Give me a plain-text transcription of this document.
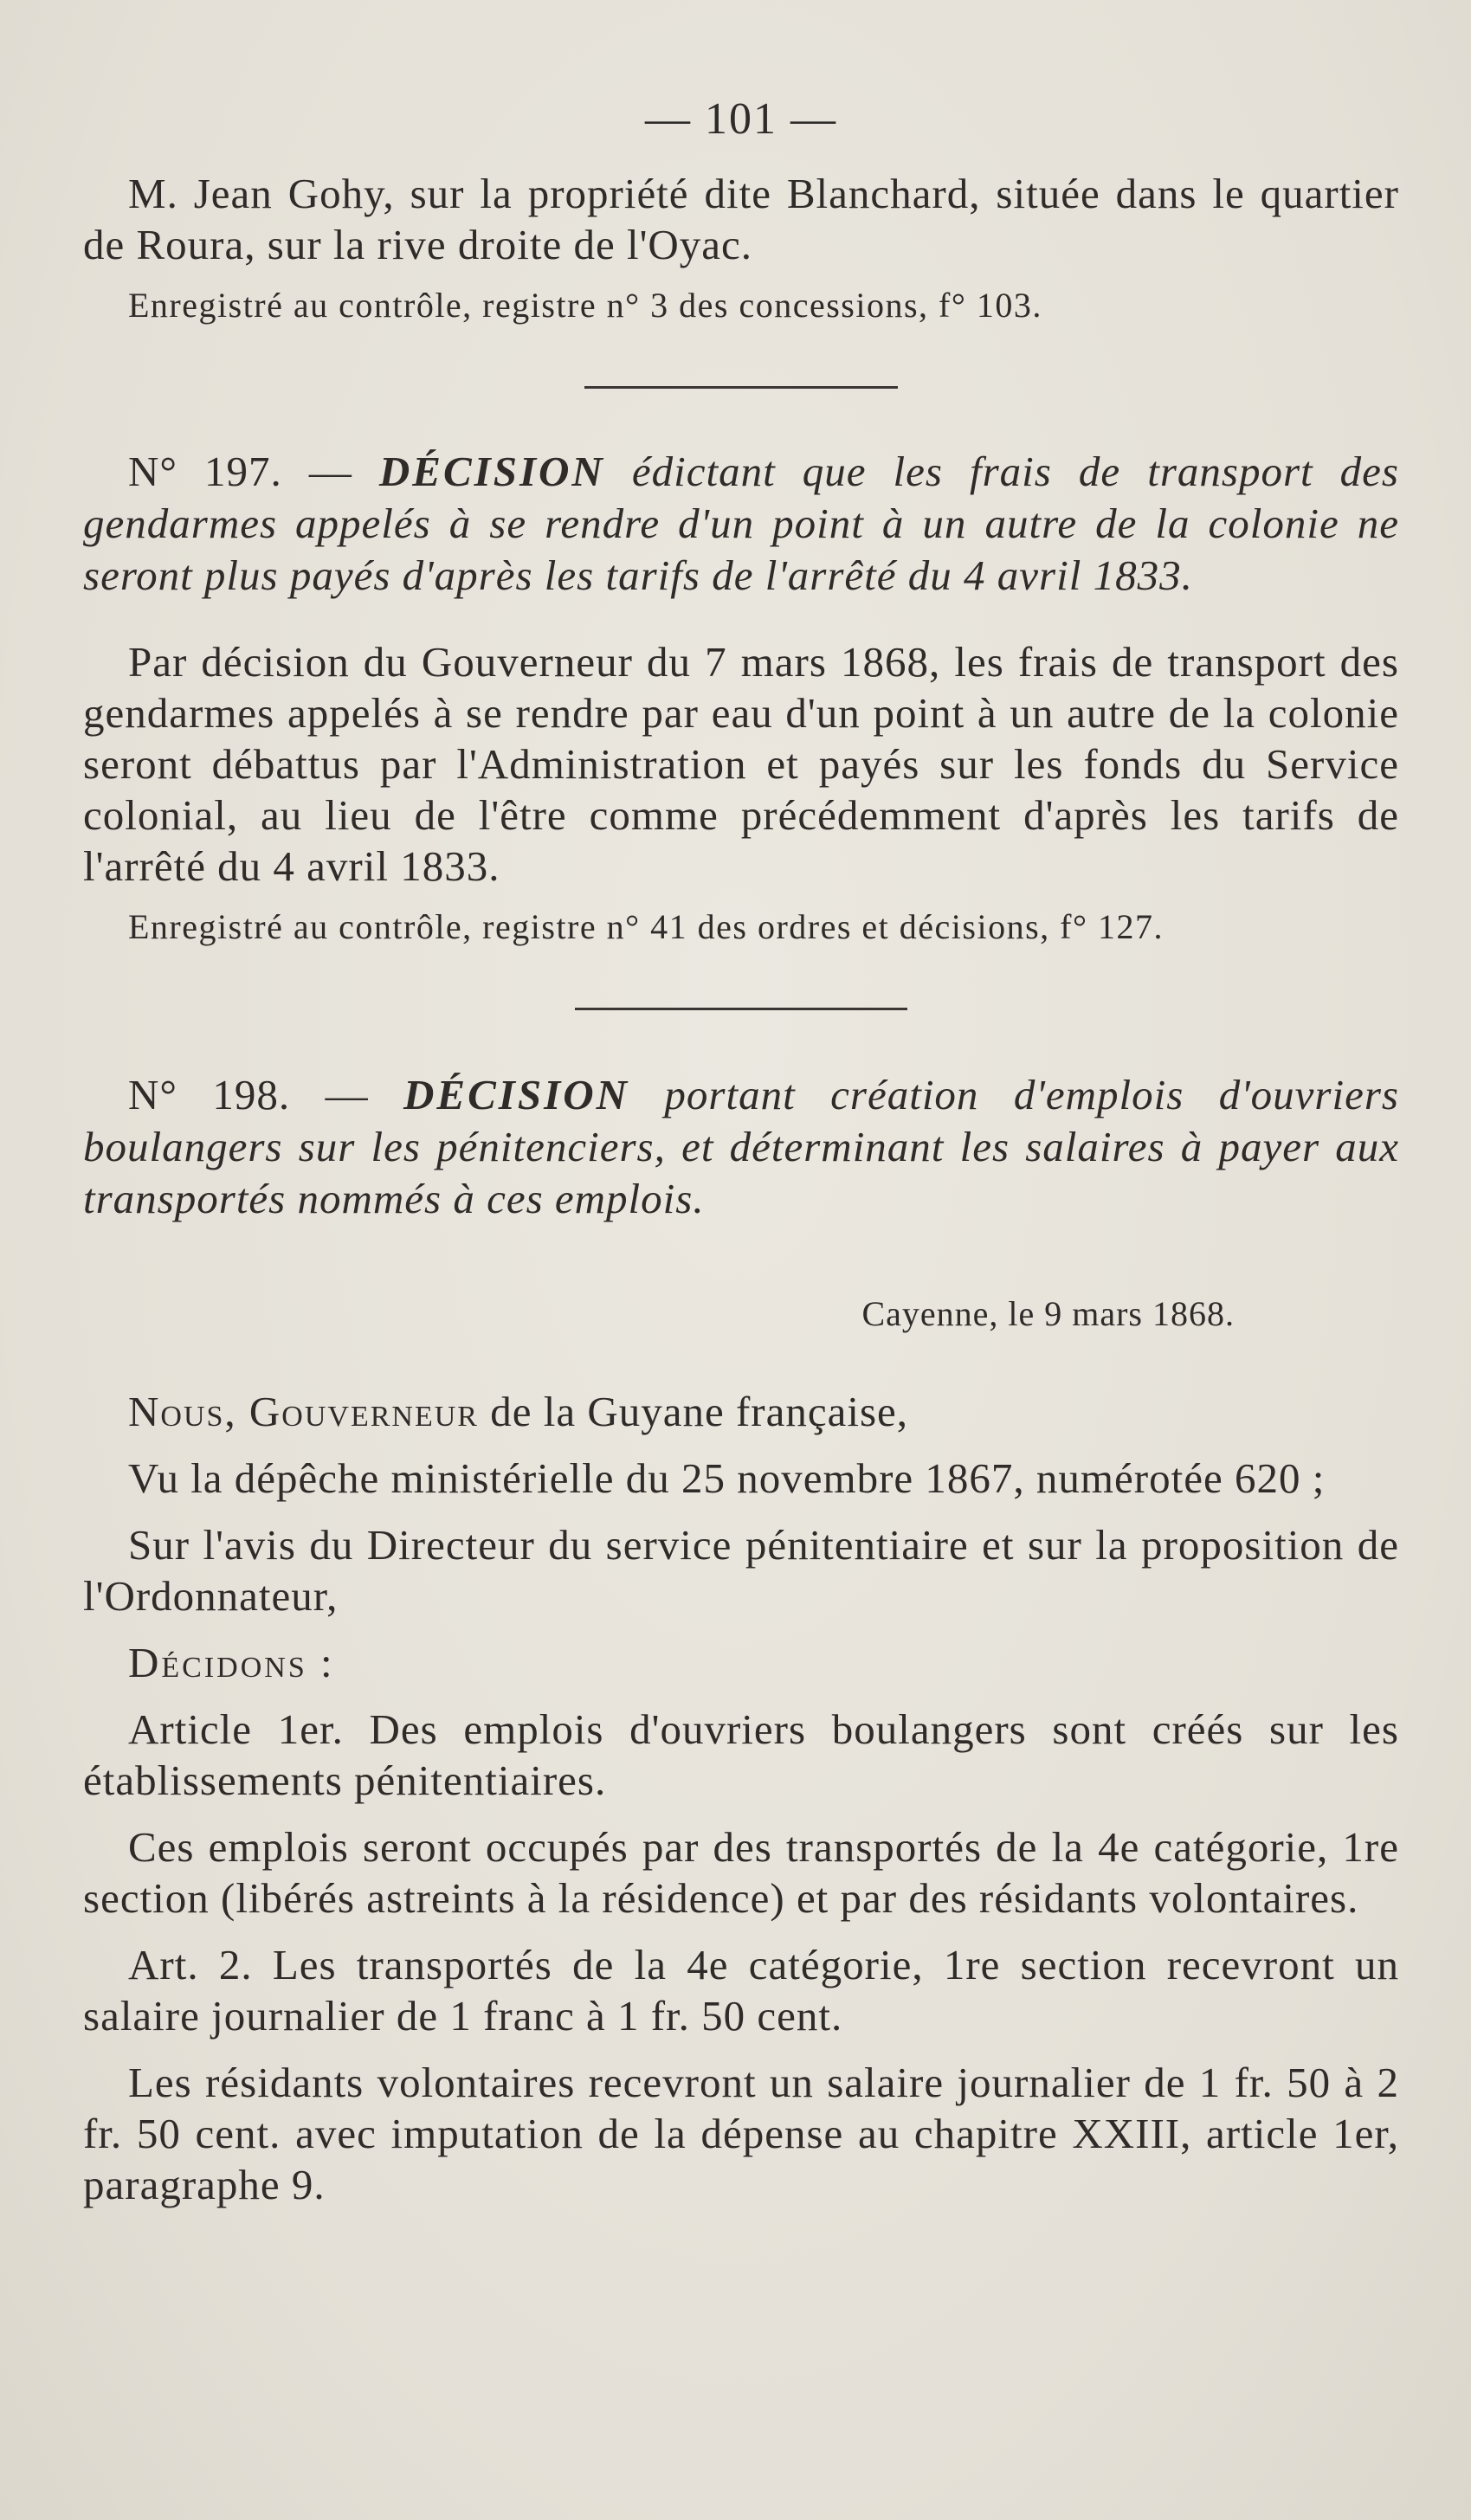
— 101 —

M. Jean Gohy, sur la propriété dite Blanchard, située dans le quartier de Roura, sur la rive droite de l'Oyac.

Enregistré au contrôle, registre n° 3 des concessions, f° 103.

N° 197. — DÉCISION édictant que les frais de transport des gendarmes appelés à se rendre d'un point à un autre de la colonie ne seront plus payés d'après les tarifs de l'arrêté du 4 avril 1833.

Par décision du Gouverneur du 7 mars 1868, les frais de transport des gendarmes appelés à se rendre par eau d'un point à un autre de la colonie seront débattus par l'Administration et payés sur les fonds du Service colonial, au lieu de l'être comme précédemment d'après les tarifs de l'arrêté du 4 avril 1833.

Enregistré au contrôle, registre n° 41 des ordres et décisions, f° 127.

N° 198. — DÉCISION portant création d'emplois d'ouvriers boulangers sur les pénitenciers, et déterminant les salaires à payer aux transportés nommés à ces emplois.

Cayenne, le 9 mars 1868.

Nous, Gouverneur de la Guyane française,

Vu la dépêche ministérielle du 25 novembre 1867, numérotée 620 ;

Sur l'avis du Directeur du service pénitentiaire et sur la proposition de l'Ordonnateur,

Décidons :

Article 1er. Des emplois d'ouvriers boulangers sont créés sur les établissements pénitentiaires.

Ces emplois seront occupés par des transportés de la 4e catégorie, 1re section (libérés astreints à la résidence) et par des résidants volontaires.

Art. 2. Les transportés de la 4e catégorie, 1re section recevront un salaire journalier de 1 franc à 1 fr. 50 cent.

Les résidants volontaires recevront un salaire journalier de 1 fr. 50 à 2 fr. 50 cent. avec imputation de la dépense au chapitre XXIII, article 1er, paragraphe 9.
